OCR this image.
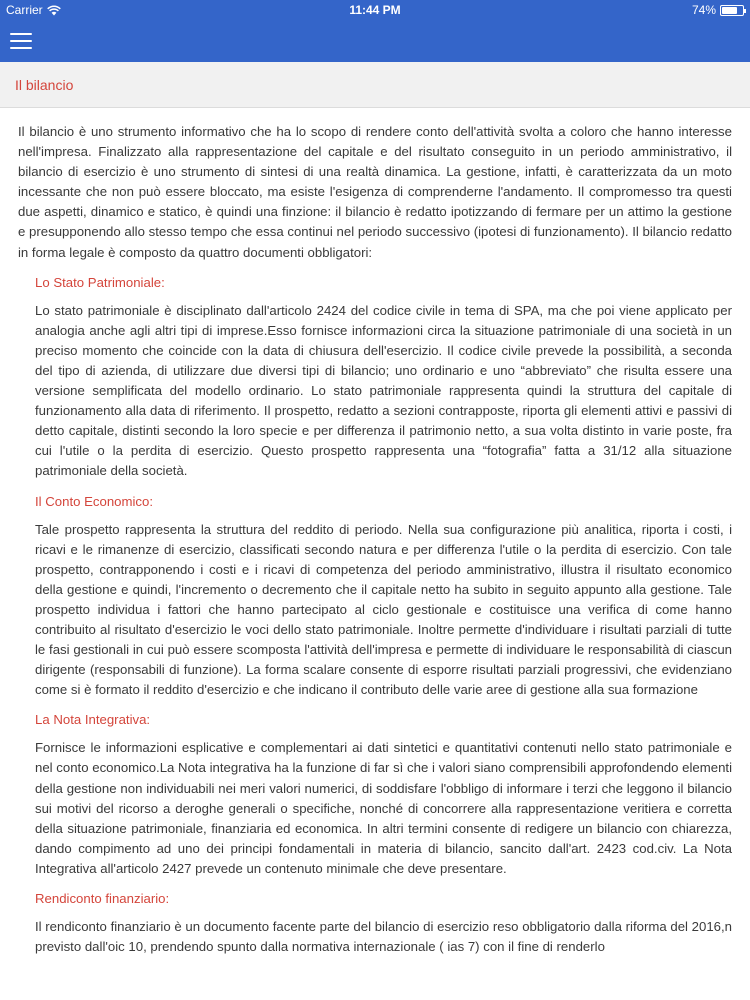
Carrier	11:44 PM	74%
Il bilancio

Il bilancio è uno strumento informativo che ha lo scopo di rendere conto dell'attività svolta a coloro che hanno interesse nell'impresa. Finalizzato alla rappresentazione del capitale e del risultato conseguito in un periodo amministrativo, il bilancio di esercizio è uno strumento di sintesi di una realtà dinamica. La gestione, infatti, è caratterizzata da un moto incessante che non può essere bloccato, ma esiste l'esigenza di comprenderne l'andamento. Il compromesso tra questi due aspetti, dinamico e statico, è quindi una finzione: il bilancio è redatto ipotizzando di fermare per un attimo la gestione e presupponendo allo stesso tempo che essa continui nel periodo successivo (ipotesi di funzionamento). Il bilancio redatto in forma legale è composto da quattro documenti obbligatori:

Lo Stato Patrimoniale:

Lo stato patrimoniale è disciplinato dall'articolo 2424 del codice civile in tema di SPA, ma che poi viene applicato per analogia anche agli altri tipi di imprese.Esso fornisce informazioni circa la situazione patrimoniale di una società in un preciso momento che coincide con la data di chiusura dell'esercizio. Il codice civile prevede la possibilità, a seconda del tipo di azienda, di utilizzare due diversi tipi di bilancio; uno ordinario e uno “abbreviato” che risulta essere una versione semplificata del modello ordinario. Lo stato patrimoniale rappresenta quindi la struttura del capitale di funzionamento alla data di riferimento. Il prospetto, redatto a sezioni contrapposte, riporta gli elementi attivi e passivi di detto capitale, distinti secondo la loro specie e per differenza il patrimonio netto, a sua volta distinto in varie poste, fra cui l'utile o la perdita di esercizio. Questo prospetto rappresenta una “fotografia” fatta a 31/12 alla situazione patrimoniale della società.

Il Conto Economico:

Tale prospetto rappresenta la struttura del reddito di periodo. Nella sua configurazione più analitica, riporta i costi, i ricavi e le rimanenze di esercizio, classificati secondo natura e per differenza l'utile o la perdita di esercizio. Con tale prospetto, contrapponendo i costi e i ricavi di competenza del periodo amministrativo, illustra il risultato economico della gestione e quindi, l'incremento o decremento che il capitale netto ha subito in seguito appunto alla gestione. Tale prospetto individua i fattori che hanno partecipato al ciclo gestionale e costituisce una verifica di come hanno contribuito al risultato d'esercizio le voci dello stato patrimoniale. Inoltre permette d'individuare i risultati parziali di tutte le fasi gestionali in cui può essere scomposta l'attività dell'impresa e permette di individuare le responsabilità di ciascun dirigente (responsabili di funzione). La forma scalare consente di esporre risultati parziali progressivi, che evidenziano come si è formato il reddito d'esercizio e che indicano il contributo delle varie aree di gestione alla sua formazione

La Nota Integrativa:

Fornisce le informazioni esplicative e complementari ai dati sintetici e quantitativi contenuti nello stato patrimoniale e nel conto economico.La Nota integrativa ha la funzione di far sì che i valori siano comprensibili approfondendo elementi della gestione non individuabili nei meri valori numerici, di soddisfare l'obbligo di informare i terzi che leggono il bilancio sui motivi del ricorso a deroghe generali o specifiche, nonché di concorrere alla rappresentazione veritiera e corretta della situazione patrimoniale, finanziaria ed economica. In altri termini consente di redigere un bilancio con chiarezza, dando compimento ad uno dei principi fondamentali in materia di bilancio, sancito dall'art. 2423 cod.civ. La Nota Integrativa all'articolo 2427 prevede un contenuto minimale che deve presentare.

Rendiconto finanziario:

Il rendiconto finanziario è un documento facente parte del bilancio di esercizio reso obbligatorio dalla riforma del 2016,n previsto dall'oic 10, prendendo spunto dalla normativa internazionale ( ias 7) con il fine di renderlo
